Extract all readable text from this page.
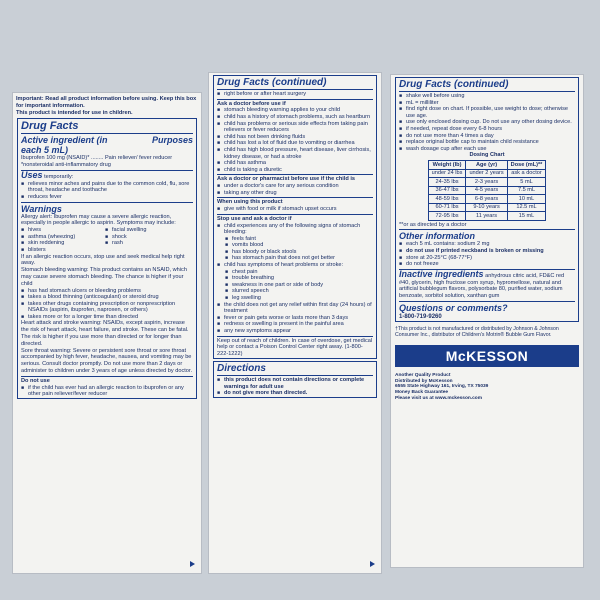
Important: Read all product information before using. Keep this box for important information.
This product is intended for use in children.
Drug Facts
Active ingredient (in each 5 mL)
Purposes
Ibuprofen 100 mg (NSAID)* ........ Pain reliever/ fever reducer
*nonsteroidal anti-inflammatory drug
Uses temporarily:
■ relieves minor aches and pains due to the common cold, flu, sore throat, headache and toothache
■ reduces fever
Warnings
Allergy alert: Ibuprofen may cause a severe allergic reaction, especially in people allergic to aspirin. Symptoms may include:
■ hives
■ asthma (wheezing)
■ skin reddening
■ blisters
■ facial swelling
■ shock
■ rash
If an allergic reaction occurs, stop use and seek medical help right away.
Stomach bleeding warning: This product contains an NSAID, which may cause severe stomach bleeding. The chance is higher if your child
■ has had stomach ulcers or bleeding problems
■ takes a blood thinning (anticoagulant) or steroid drug
■ takes other drugs containing prescription or nonprescription NSAIDs (aspirin, ibuprofen, naproxen, or others)
■ takes more or for a longer time than directed
Heart attack and stroke warning: NSAIDs, except aspirin, increase the risk of heart attack, heart failure, and stroke. These can be fatal. The risk is higher if you use more than directed or for longer than directed.
Sore throat warning: Severe or persistent sore throat or sore throat accompanied by high fever, headache, nausea, and vomiting may be serious. Consult doctor promptly. Do not use more than 2 days or administer to children under 3 years of age unless directed by doctor.
Do not use
■ if the child has ever had an allergic reaction to ibuprofen or any other pain reliever/fever reducer
Drug Facts (continued)
■ right before or after heart surgery
Ask a doctor before use if
■ stomach bleeding warning applies to your child
■ child has a history of stomach problems, such as heartburn
■ child has problems or serious side effects from taking pain relievers or fever reducers
■ child has not been drinking fluids
■ child has lost a lot of fluid due to vomiting or diarrhea
■ child has high blood pressure, heart disease, liver cirrhosis, kidney disease, or had a stroke
■ child has asthma
■ child is taking a diuretic
Ask a doctor or pharmacist before use if the child is
■ under a doctor's care for any serious condition
■ taking any other drug
When using this product
■ give with food or milk if stomach upset occurs
Stop use and ask a doctor if
■ child experiences any of the following signs of stomach bleeding:
■ feels faint
■ vomits blood
■ has bloody or black stools
■ has stomach pain that does not get better
■ child has symptoms of heart problems or stroke:
■ chest pain
■ trouble breathing
■ weakness in one part or side of body
■ slurred speech
■ leg swelling
■ the child does not get any relief within first day (24 hours) of treatment
■ fever or pain gets worse or lasts more than 3 days
■ redness or swelling is present in the painful area
■ any new symptoms appear
Keep out of reach of children. In case of overdose, get medical help or contact a Poison Control Center right away. (1-800-222-1222)
Directions
■ this product does not contain directions or complete warnings for adult use
■ do not give more than directed.
Drug Facts (continued)
■ shake well before using
■ mL = milliliter
■ find right dose on chart. If possible, use weight to dose; otherwise use age.
■ use only enclosed dosing cup. Do not use any other dosing device.
■ if needed, repeat dose every 6-8 hours
■ do not use more than 4 times a day
■ replace original bottle cap to maintain child resistance
■ wash dosage cup after each use
Dosing Chart
Weight (lb)	Age (yr)	Dose (mL)**
under 24 lbs	under 2 years	ask a doctor
24-35 lbs	2-3 years	5 mL
36-47 lbs	4-5 years	7.5 mL
48-59 lbs	6-8 years	10 mL
60-71 lbs	9-10 years	12.5 mL
72-95 lbs	11 years	15 mL
**or as directed by a doctor
Other information
■ each 5 mL contains: sodium 2 mg
■ do not use if printed neckband is broken or missing
■ store at 20-25°C (68-77°F)
■ do not freeze
Inactive ingredients anhydrous citric acid, FD&C red #40, glycerin, high fructose corn syrup, hypromellose, natural and artificial bubblegum flavors, polysorbate 80, purified water, sodium benzoate, sorbitol solution, xanthan gum
Questions or comments?
1-800-719-9260
†This product is not manufactured or distributed by Johnson & Johnson Consumer Inc., distributor of Children's Motrin® Bubble Gum Flavor.
McKESSON
Another Quality Product
Distributed by McKesson
6555 State Highway 161, Irving, TX 75039
Money Back Guarantee
Please visit us at www.mckesson.com
